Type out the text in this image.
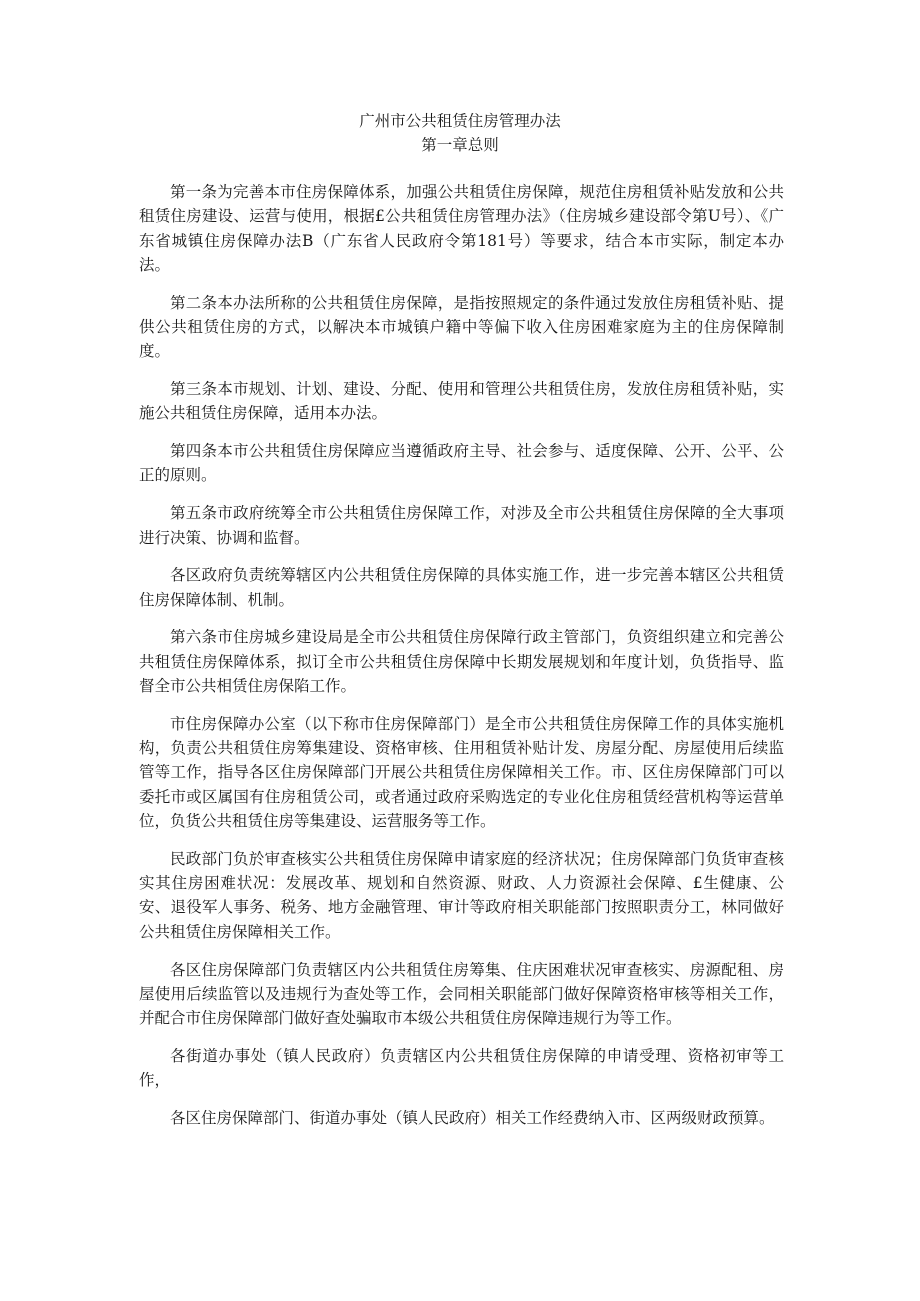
广州市公共租赁住房管理办法
第一章总则

第一条为完善本市住房保障体系，加强公共租赁住房保障，规范住房租赁补贴发放和公共租赁住房建设、运营与使用，根据£公共租赁住房管理办法》（住房城乡建设部令第U号）、《广东省城镇住房保障办法B（广东省人民政府令第181号）等要求，结合本市实际，制定本办法。

第二条本办法所称的公共租赁住房保障，是指按照规定的条件通过发放住房租赁补贴、提供公共租赁住房的方式，以解决本市城镇户籍中等偏下收入住房困难家庭为主的住房保障制度。

第三条本市规划、计划、建设、分配、使用和管理公共租赁住房，发放住房租赁补贴，实施公共租赁住房保障，适用本办法。

第四条本市公共租赁住房保障应当遵循政府主导、社会参与、适度保障、公开、公平、公正的原则。

第五条市政府统筹全市公共租赁住房保障工作，对涉及全市公共租赁住房保障的全大事项进行决策、协调和监督。

各区政府负责统筹辖区内公共租赁住房保障的具体实施工作，进一步完善本辖区公共租赁住房保障体制、机制。

第六条市住房城乡建设局是全市公共租赁住房保障行政主管部门，负资组织建立和完善公共租赁住房保障体系，拟订全市公共租赁住房保障中长期发展规划和年度计划，负货指导、监督全市公共相赁住房保陷工作。

市住房保障办公室（以下称市住房保障部门）是全市公共租赁住房保障工作的具体实施机构，负责公共租赁住房筹集建设、资格审核、住用租赁补贴计发、房屋分配、房屋使用后续监管等工作，指导各区住房保障部门开展公共租赁住房保障相关工作。市、区住房保障部门可以委托市或区属国有住房租赁公司，或者通过政府采购选定的专业化住房租赁经营机构等运营单位，负货公共租赁住房等集建设、运营服务等工作。

民政部门负於审查核实公共租赁住房保障申请家庭的经济状况；住房保障部门负货审查核实其住房困难状况：发展改革、规划和自然资源、财政、人力资源社会保障、£生健康、公安、退役军人事务、税务、地方金融管理、审计等政府相关职能部门按照职责分工，林同做好公共租赁住房保障相关工作。

各区住房保障部门负责辖区内公共租赁住房筹集、住庆困难状况审查核实、房源配租、房屋使用后续监管以及违规行为查处等工作，会同相关职能部门做好保障资格审核等相关工作，并配合市住房保障部门做好查处骗取市本级公共租赁住房保障违规行为等工作。

各街道办事处（镇人民政府）负责辖区内公共租赁住房保障的申请受理、资格初审等工作，

各区住房保障部门、街道办事处（镇人民政府）相关工作经费纳入市、区两级财政预算。
